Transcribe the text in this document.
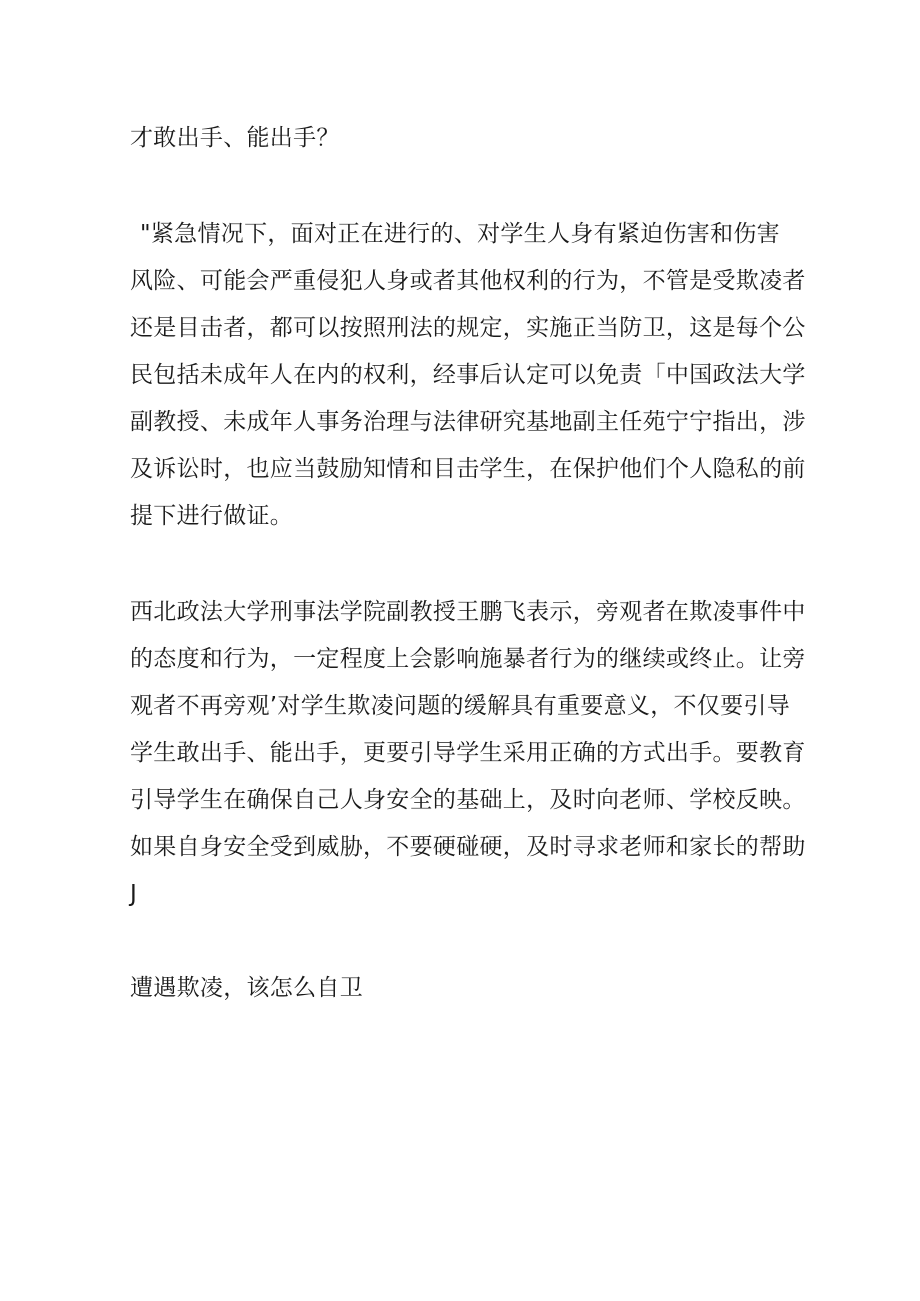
才敢出手、能出手？
"紧急情况下，面对正在进行的、对学生人身有紧迫伤害和伤害
风险、可能会严重侵犯人身或者其他权利的行为，不管是受欺凌者
还是目击者，都可以按照刑法的规定，实施正当防卫，这是每个公
民包括未成年人在内的权利，经事后认定可以免责「中国政法大学
副教授、未成年人事务治理与法律研究基地副主任苑宁宁指出，涉
及诉讼时，也应当鼓励知情和目击学生，在保护他们个人隐私的前
提下进行做证。
西北政法大学刑事法学院副教授王鹏飞表示，旁观者在欺凌事件中
的态度和行为，一定程度上会影响施暴者行为的继续或终止。让旁
观者不再旁观’对学生欺凌问题的缓解具有重要意义，不仅要引导
学生敢出手、能出手，更要引导学生采用正确的方式出手。要教育
引导学生在确保自己人身安全的基础上，及时向老师、学校反映。
如果自身安全受到威胁，不要硬碰硬，及时寻求老师和家长的帮助
J
遭遇欺凌，该怎么自卫
